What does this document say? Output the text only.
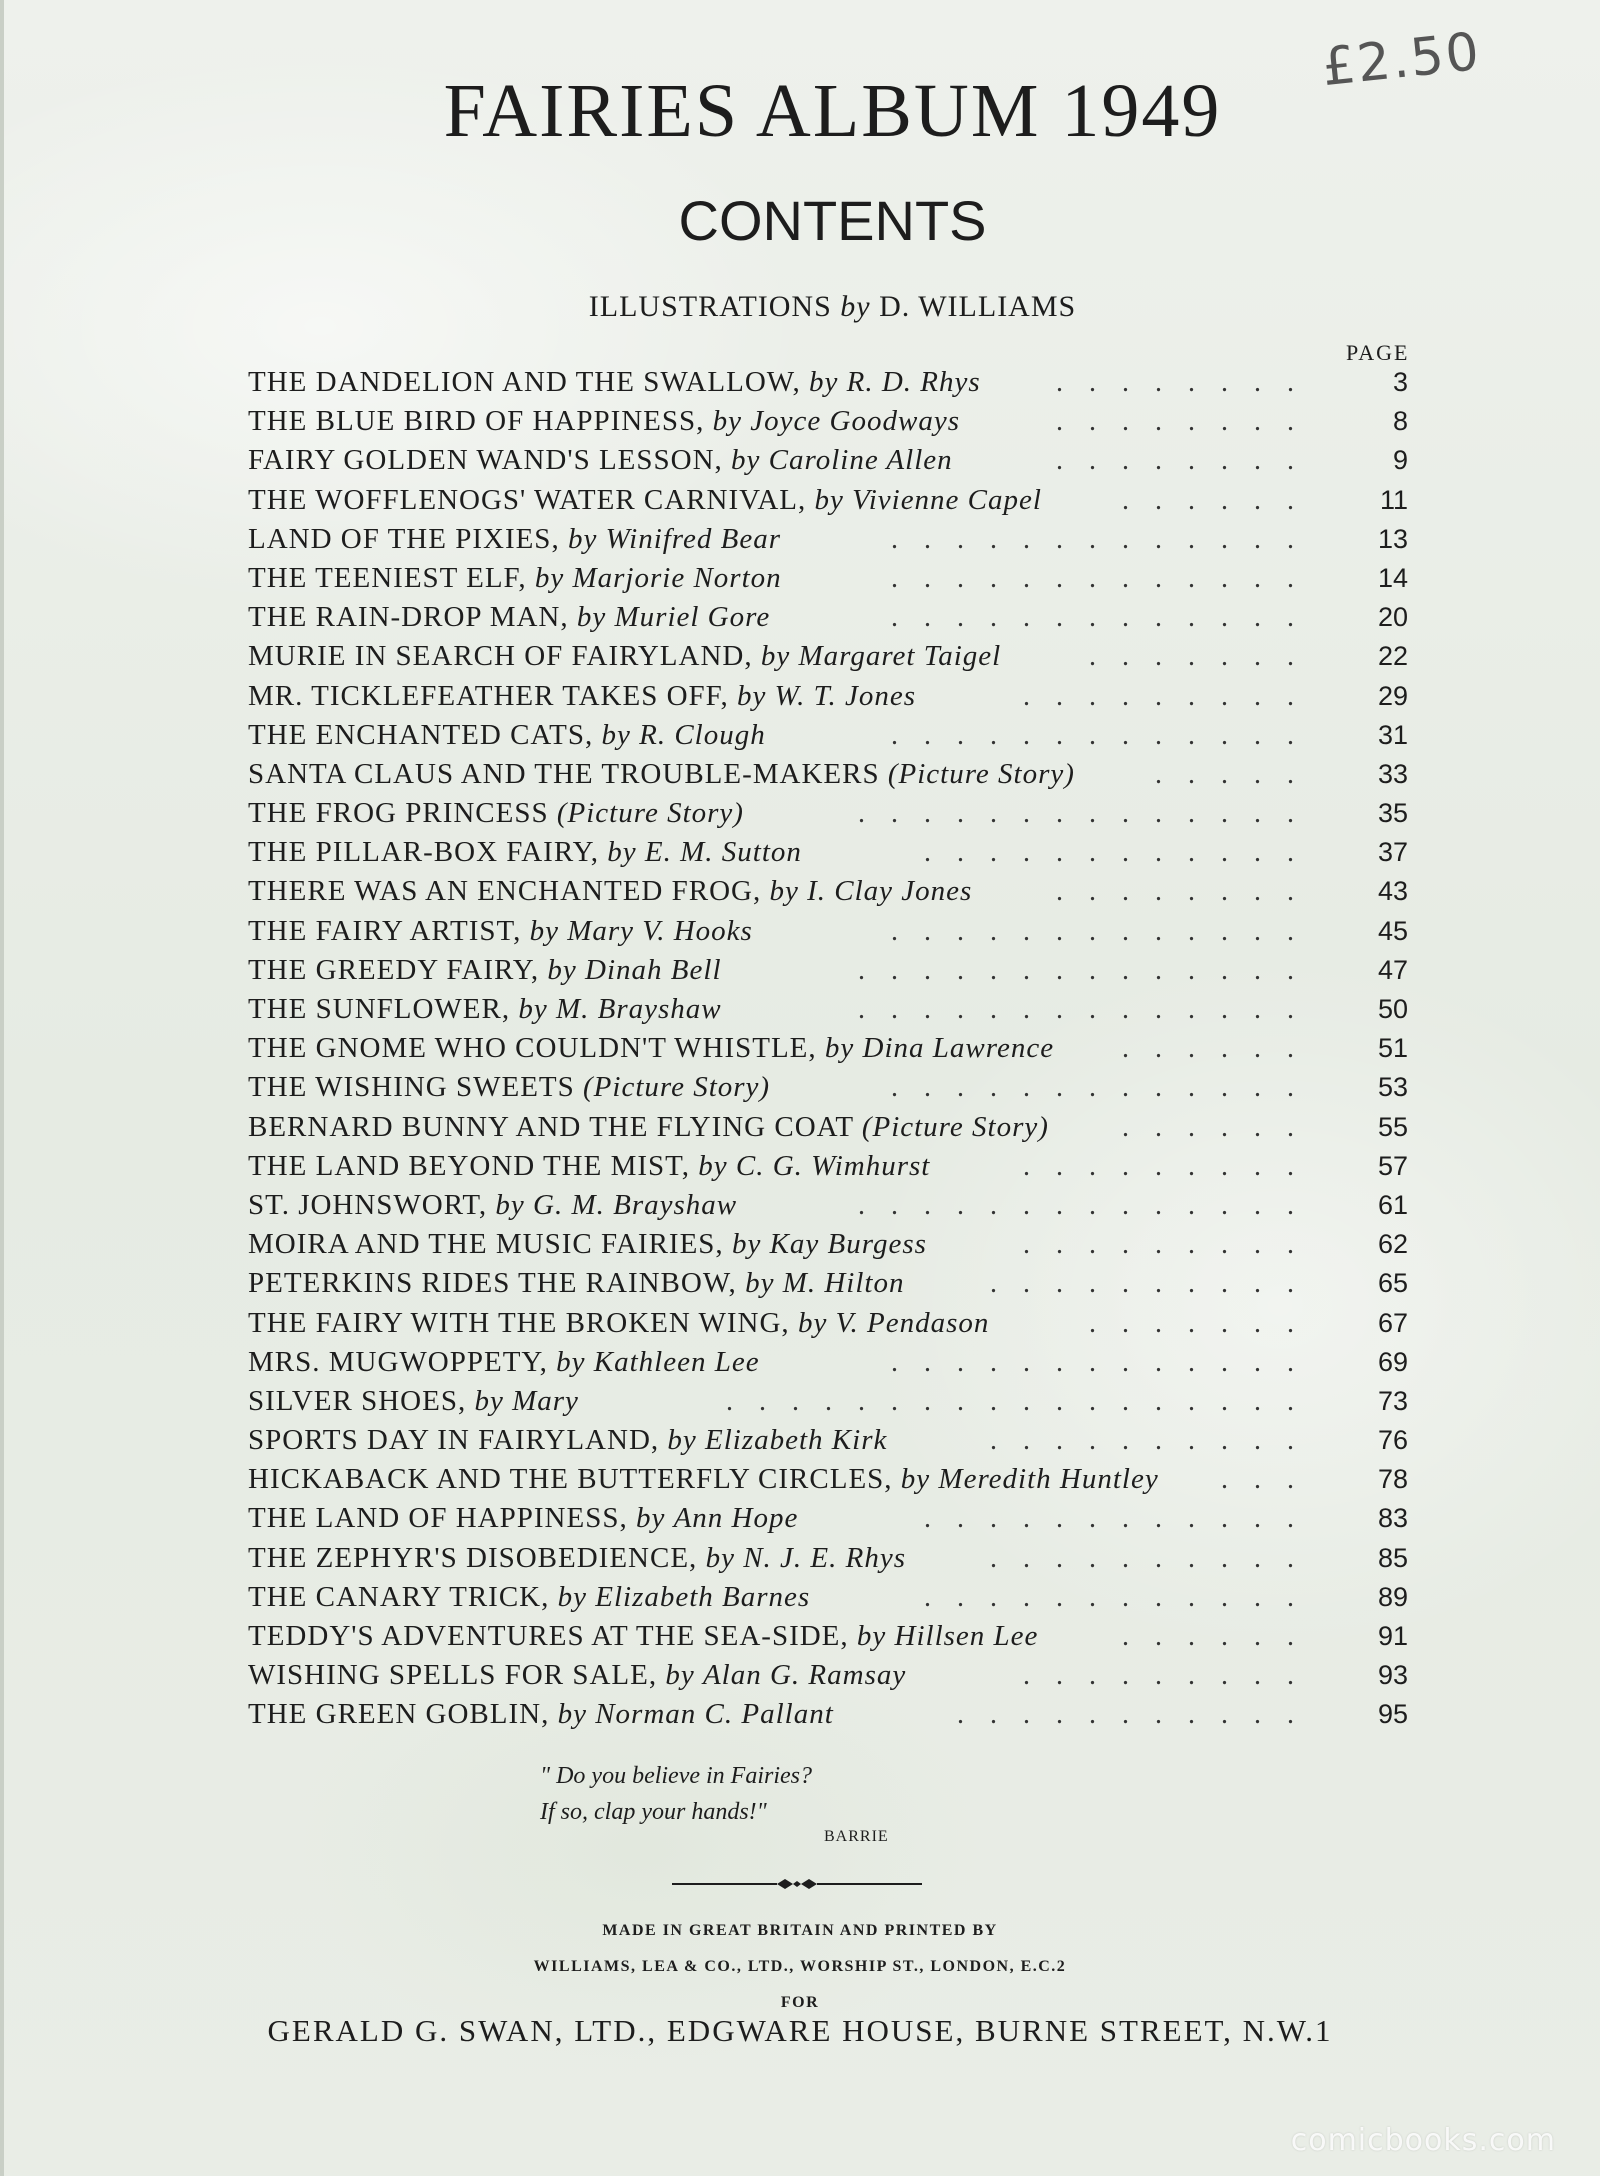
£2.50
FAIRIES ALBUM 1949
CONTENTS
ILLUSTRATIONS by D. WILLIAMS
PAGE
........
THE DANDELION AND THE SWALLOW, by R. D. Rhys	3
........
THE BLUE BIRD OF HAPPINESS, by Joyce Goodways	8
........
FAIRY GOLDEN WAND'S LESSON, by Caroline Allen	9
......
THE WOFFLENOGS' WATER CARNIVAL, by Vivienne Capel	11
.............
LAND OF THE PIXIES, by Winifred Bear	13
.............
THE TEENIEST ELF, by Marjorie Norton	14
.............
THE RAIN-DROP MAN, by Muriel Gore	20
.......
MURIE IN SEARCH OF FAIRYLAND, by Margaret Taigel	22
.........
MR. TICKLEFEATHER TAKES OFF, by W. T. Jones	29
.............
THE ENCHANTED CATS, by R. Clough	31
.....
SANTA CLAUS AND THE TROUBLE-MAKERS (Picture Story)	33
..............
THE FROG PRINCESS (Picture Story)	35
............
THE PILLAR-BOX FAIRY, by E. M. Sutton	37
........
THERE WAS AN ENCHANTED FROG, by I. Clay Jones	43
.............
THE FAIRY ARTIST, by Mary V. Hooks	45
..............
THE GREEDY FAIRY, by Dinah Bell	47
..............
THE SUNFLOWER, by M. Brayshaw	50
......
THE GNOME WHO COULDN'T WHISTLE, by Dina Lawrence	51
.............
THE WISHING SWEETS (Picture Story)	53
......
BERNARD BUNNY AND THE FLYING COAT (Picture Story)	55
.........
THE LAND BEYOND THE MIST, by C. G. Wimhurst	57
..............
ST. JOHNSWORT, by G. M. Brayshaw	61
.........
MOIRA AND THE MUSIC FAIRIES, by Kay Burgess	62
..........
PETERKINS RIDES THE RAINBOW, by M. Hilton	65
.......
THE FAIRY WITH THE BROKEN WING, by V. Pendason	67
.............
MRS. MUGWOPPETY, by Kathleen Lee	69
..................
SILVER SHOES, by Mary	73
..........
SPORTS DAY IN FAIRYLAND, by Elizabeth Kirk	76
...
HICKABACK AND THE BUTTERFLY CIRCLES, by Meredith Huntley	78
............
THE LAND OF HAPPINESS, by Ann Hope	83
..........
THE ZEPHYR'S DISOBEDIENCE, by N. J. E. Rhys	85
............
THE CANARY TRICK, by Elizabeth Barnes	89
......
TEDDY'S ADVENTURES AT THE SEA-SIDE, by Hillsen Lee	91
.........
WISHING SPELLS FOR SALE, by Alan G. Ramsay	93
...........
THE GREEN GOBLIN, by Norman C. Pallant	95
" Do you believe in Fairies?
If so, clap your hands!"
BARRIE
MADE IN GREAT BRITAIN AND PRINTED BY
WILLIAMS, LEA & CO., LTD., WORSHIP ST., LONDON, E.C.2
FOR
GERALD G. SWAN, LTD., EDGWARE HOUSE, BURNE STREET, N.W.1
comicbooks.com
